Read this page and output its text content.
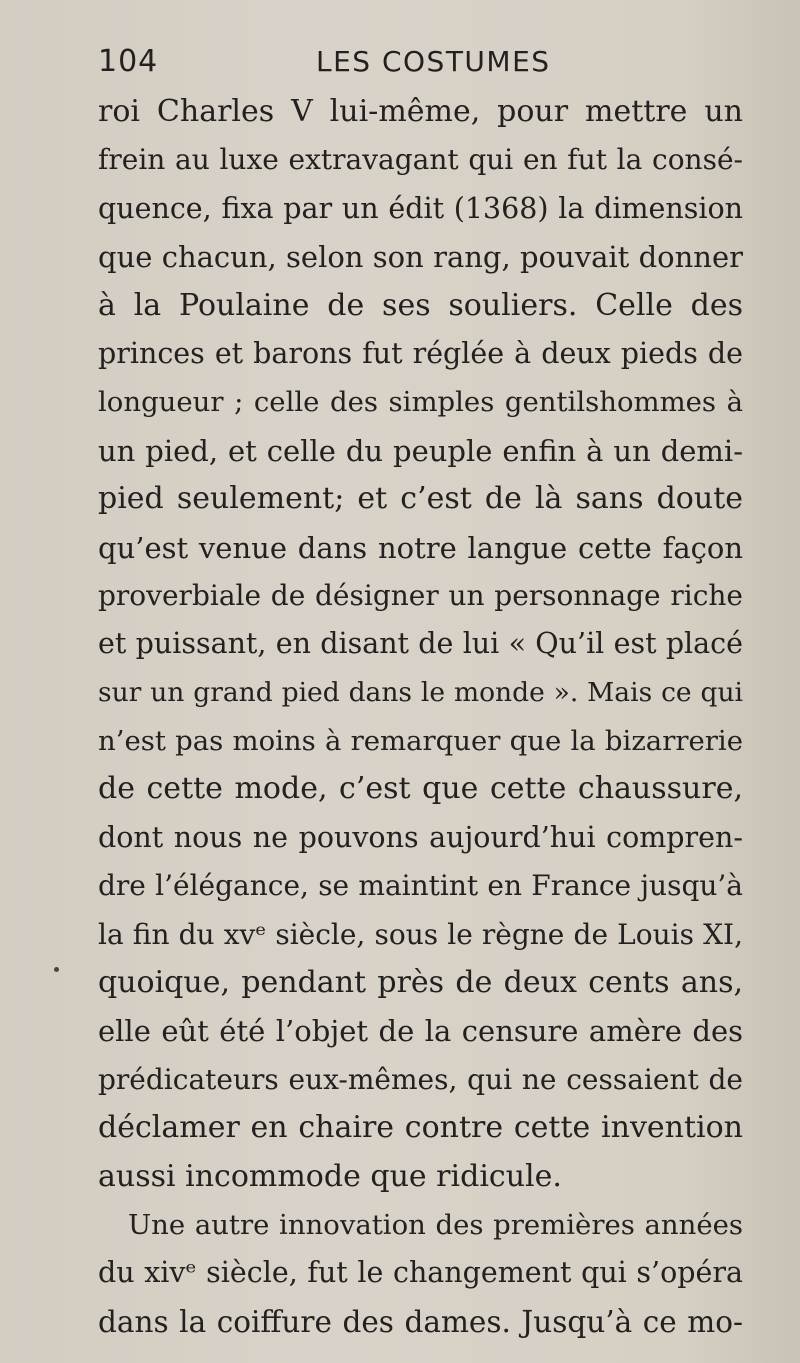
104	LES COSTUMES
roi Charles V lui-même, pour mettre un
frein au luxe extravagant qui en fut la consé-
quence, fixa par un édit (1368) la dimension
que chacun, selon son rang, pouvait donner
à la Poulaine de ses souliers. Celle des
princes et barons fut réglée à deux pieds de
longueur ; celle des simples gentilshommes à
un pied, et celle du peuple enfin à un demi-
pied seulement; et c’est de là sans doute
qu’est venue dans notre langue cette façon
proverbiale de désigner un personnage riche
et puissant, en disant de lui « Qu’il est placé
sur un grand pied dans le monde ». Mais ce qui
n’est pas moins à remarquer que la bizarrerie
de cette mode, c’est que cette chaussure,
dont nous ne pouvons aujourd’hui compren-
dre l’élégance, se maintint en France jusqu’à
la fin du xvᵉ siècle, sous le règne de Louis XI,
quoique, pendant près de deux cents ans,
elle eût été l’objet de la censure amère des
prédicateurs eux-mêmes, qui ne cessaient de
déclamer en chaire contre cette invention
aussi incommode que ridicule.
Une autre innovation des premières années
du xivᵉ siècle, fut le changement qui s’opéra
dans la coiffure des dames. Jusqu’à ce mo-
